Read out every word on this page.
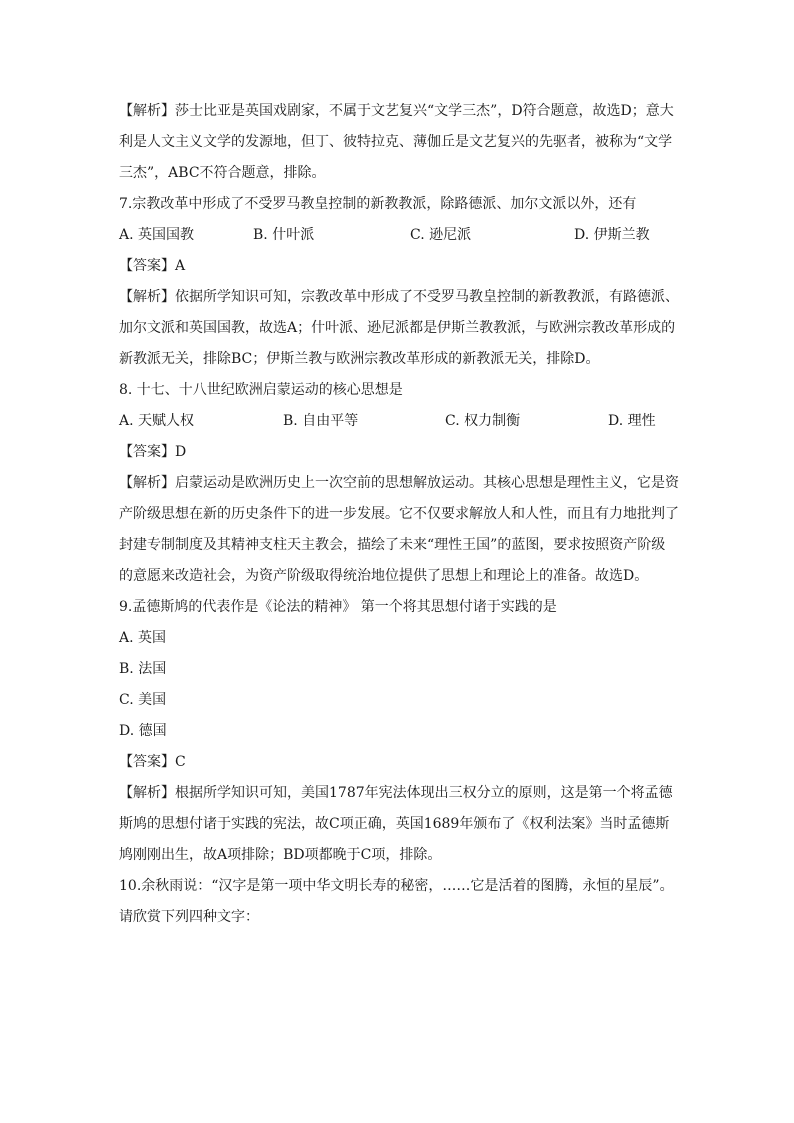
【解析】莎士比亚是英国戏剧家，不属于文艺复兴“文学三杰”，D符合题意，故选D；意大
利是人文主义文学的发源地，但丁、彼特拉克、薄伽丘是文艺复兴的先驱者，被称为“文学
三杰”，ABC不符合题意，排除。
7.宗教改革中形成了不受罗马教皇控制的新教教派，除路德派、加尔文派以外，还有
A. 英国国教	B. 什叶派	C. 逊尼派	D. 伊斯兰教
【答案】A
【解析】依据所学知识可知，宗教改革中形成了不受罗马教皇控制的新教教派，有路德派、
加尔文派和英国国教，故选A；什叶派、逊尼派都是伊斯兰教教派，与欧洲宗教改革形成的
新教派无关，排除BC；伊斯兰教与欧洲宗教改革形成的新教派无关，排除D。
8. 十七、十八世纪欧洲启蒙运动的核心思想是
A. 天赋人权	B. 自由平等	C. 权力制衡	D. 理性
【答案】D
【解析】启蒙运动是欧洲历史上一次空前的思想解放运动。其核心思想是理性主义，它是资
产阶级思想在新的历史条件下的进一步发展。它不仅要求解放人和人性，而且有力地批判了
封建专制制度及其精神支柱天主教会，描绘了未来“理性王国”的蓝图，要求按照资产阶级
的意愿来改造社会，为资产阶级取得统治地位提供了思想上和理论上的准备。故选D。
9.孟德斯鸠的代表作是《论法的精神》 第一个将其思想付诸于实践的是
A. 英国
B. 法国
C. 美国
D. 德国
【答案】C
【解析】根据所学知识可知，美国1787年宪法体现出三权分立的原则，这是第一个将孟德
斯鸠的思想付诸于实践的宪法，故C项正确，英国1689年颁布了《权利法案》当时孟德斯
鸠刚刚出生，故A项排除；BD项都晚于C项，排除。
10.余秋雨说：“汉字是第一项中华文明长寿的秘密，……它是活着的图腾，永恒的星辰”。
请欣赏下列四种文字：
